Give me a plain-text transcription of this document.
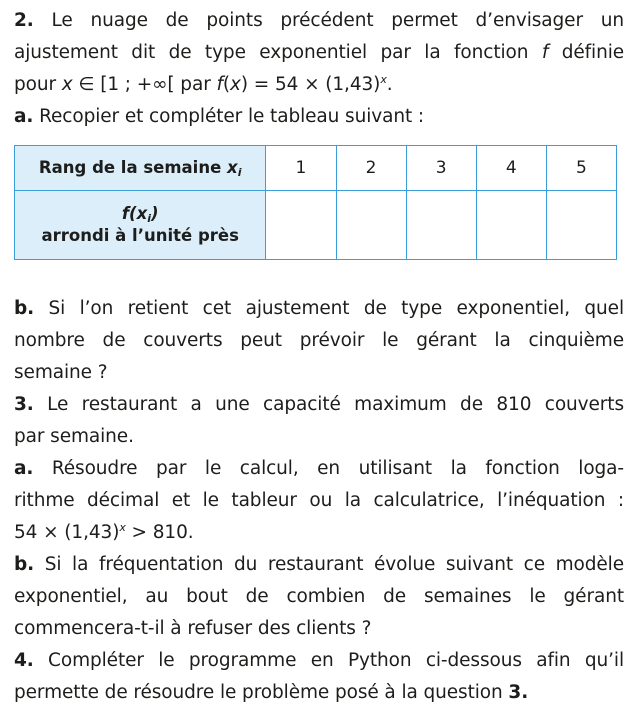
2. Le nuage de points précédent permet d’envisager un
ajustement dit de type exponentiel par la fonction f définie
pour x ∈ [1 ; +∞[ par $f(x) = 54 \times (1,43)^x$.
a. Recopier et compléter le tableau suivant :
Rang de la semaine $x_i$	1	2	3	4	5

$f(x_i)$
arrondi à l’unité près					

b. Si l’on retient cet ajustement de type exponentiel, quel
nombre de couverts peut prévoir le gérant la cinquième
semaine ?
3. Le restaurant a une capacité maximum de 810 couverts
par semaine.
a. Résoudre par le calcul, en utilisant la fonction loga-
rithme décimal et le tableur ou la calculatrice, l’inéquation :
$54 \times (1,43)^x > 810$.
b. Si la fréquentation du restaurant évolue suivant ce modèle
exponentiel, au bout de combien de semaines le gérant
commencera-t-il à refuser des clients ?
4. Compléter le programme en Python ci-dessous afin qu’il
permette de résoudre le problème posé à la question 3.
